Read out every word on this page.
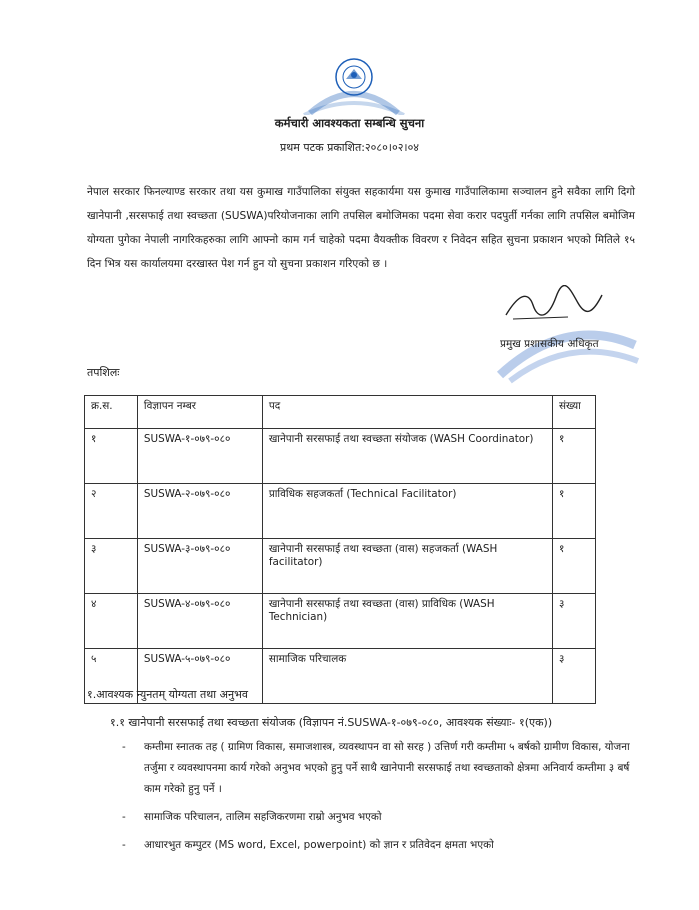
कर्मचारी आवश्यकता सम्बन्धि सुचना
प्रथम पटक प्रकाशित:२०८०।०२।०४
नेपाल सरकार फिनल्याण्ड सरकार तथा यस कुमाख गाउँपालिका संयुक्त सहकार्यमा यस कुमाख गाउँपालिकामा सञ्चालन हुने सवैका लागि दिगो खानेपानी ,सरसफाई तथा स्वच्छता (SUSWA)परियोजनाका लागि तपसिल बमोजिमका पदमा सेवा करार पदपुर्ती गर्नका लागि तपसिल बमोजिम योग्यता पुगेका नेपाली नागरिकहरुका लागि आफ्नो काम गर्न चाहेको पदमा वैयक्तीक विवरण र निवेदन सहित सुचना प्रकाशन भएको मितिले १५ दिन भित्र यस कार्यालयमा दरखास्त पेश गर्न हुन यो सुचना प्रकाशन गरिएको छ ।
प्रमुख प्रशासकीय अधिकृत
तपशिलः
क्र.स.	विज्ञापन नम्बर	पद	संख्या
१	SUSWA-१-०७९-०८०	खानेपानी सरसफाई तथा स्वच्छता संयोजक (WASH Coordinator)	१
२	SUSWA-२-०७९-०८०	प्राविधिक सहजकर्ता (Technical Facilitator)	१
३	SUSWA-३-०७९-०८०	खानेपानी सरसफाई तथा स्वच्छता (वास) सहजकर्ता (WASH facilitator)	१
४	SUSWA-४-०७९-०८०	खानेपानी सरसफाई तथा स्वच्छता (वास) प्राविधिक (WASH Technician)	३
५	SUSWA-५-०७९-०८०	सामाजिक परिचालक	३
१.आवश्यक न्युनतम् योग्यता तथा अनुभव
१.१ खानेपानी सरसफाई तथा स्वच्छता संयोजक (विज्ञापन नं.SUSWA-१-०७९-०८०, आवश्यक संख्याः- १(एक))
- कम्तीमा स्नातक तह ( ग्रामिण विकास, समाजशास्त्र, व्यवस्थापन वा सो सरह ) उत्तिर्ण गरी कम्तीमा ५ बर्षको ग्रामीण विकास, योजना तर्जुमा र व्यवस्थापनमा कार्य गरेको अनुभव भएको हुनु पर्ने साथै खानेपानी सरसफाई तथा स्वच्छताको क्षेत्रमा अनिवार्य कम्तीमा ३ बर्ष काम गरेको हुनु पर्ने ।
- सामाजिक परिचालन, तालिम सहजिकरणमा राम्रो अनुभव भएको
- आधारभुत कम्पुटर (MS word, Excel, powerpoint) को ज्ञान र प्रतिवेदन क्षमता भएको
